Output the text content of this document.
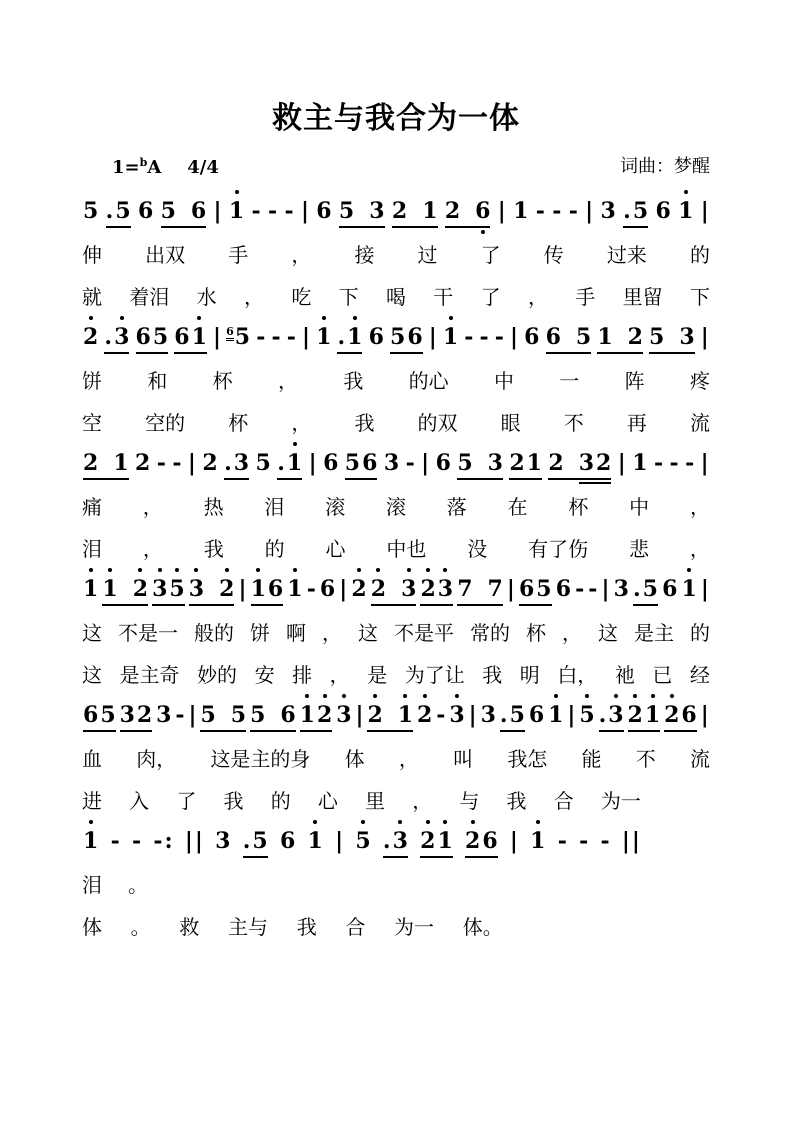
救主与我合为一体
1=$^b$A 4/4	词曲：梦醒
5 .5 6 5 6 | 1 - - - | 6 5 3 2 1 2 6 | 1 - - - | 3 .5 6 1 |
伸 出双 手 ， 接 过 了 传 过来 的
就 着泪 水 ， 吃 下 喝 干 了 ， 手 里留 下
2 .3 65 61 | 65 - - - | 1 .1 6 56 | 1 - - - | 6 6 5 1 2 5 3 |
饼 和 杯 ， 我 的心 中 一 阵 疼
空 空的 杯 ， 我 的双 眼 不 再 流
2 1 2 - - | 2 .3 5 .1 | 6 56 3 - | 6 5 3 21 2 32 | 1 - - - |
痛 ， 热 泪 滚 滚 落 在 杯 中 ，
泪 ， 我 的 心 中也 没 有了伤 悲 ，
1 1 2 3
5 3 2 | 1
6 1 - 6 | 2 2 3 2
3 7 7 | 65 6 - - | 3 .5 6 1 |
这 不是一 般的 饼 啊 ， 这 不是平 常的 杯 ， 这 是主 的
这 是主奇 妙的 安 排 ， 是 为了让 我 明 白， 祂 已 经
65 32 3 - | 5 5 5 6 1
2 3 | 2 1 2 - 3 | 3 .5 6 1 | 5 .3 2
1 2
6 |
血 肉， 这是主的身 体 ， 叫 我怎 能 不 流
进 入 了 我 的 心 里 ， 与 我 合 为一
1 - - -: || 3 .5 6 1 | 5 .3 2
1 2
6 | 1 - - - ||
泪 。
体 。 救 主与 我 合 为一 体。
